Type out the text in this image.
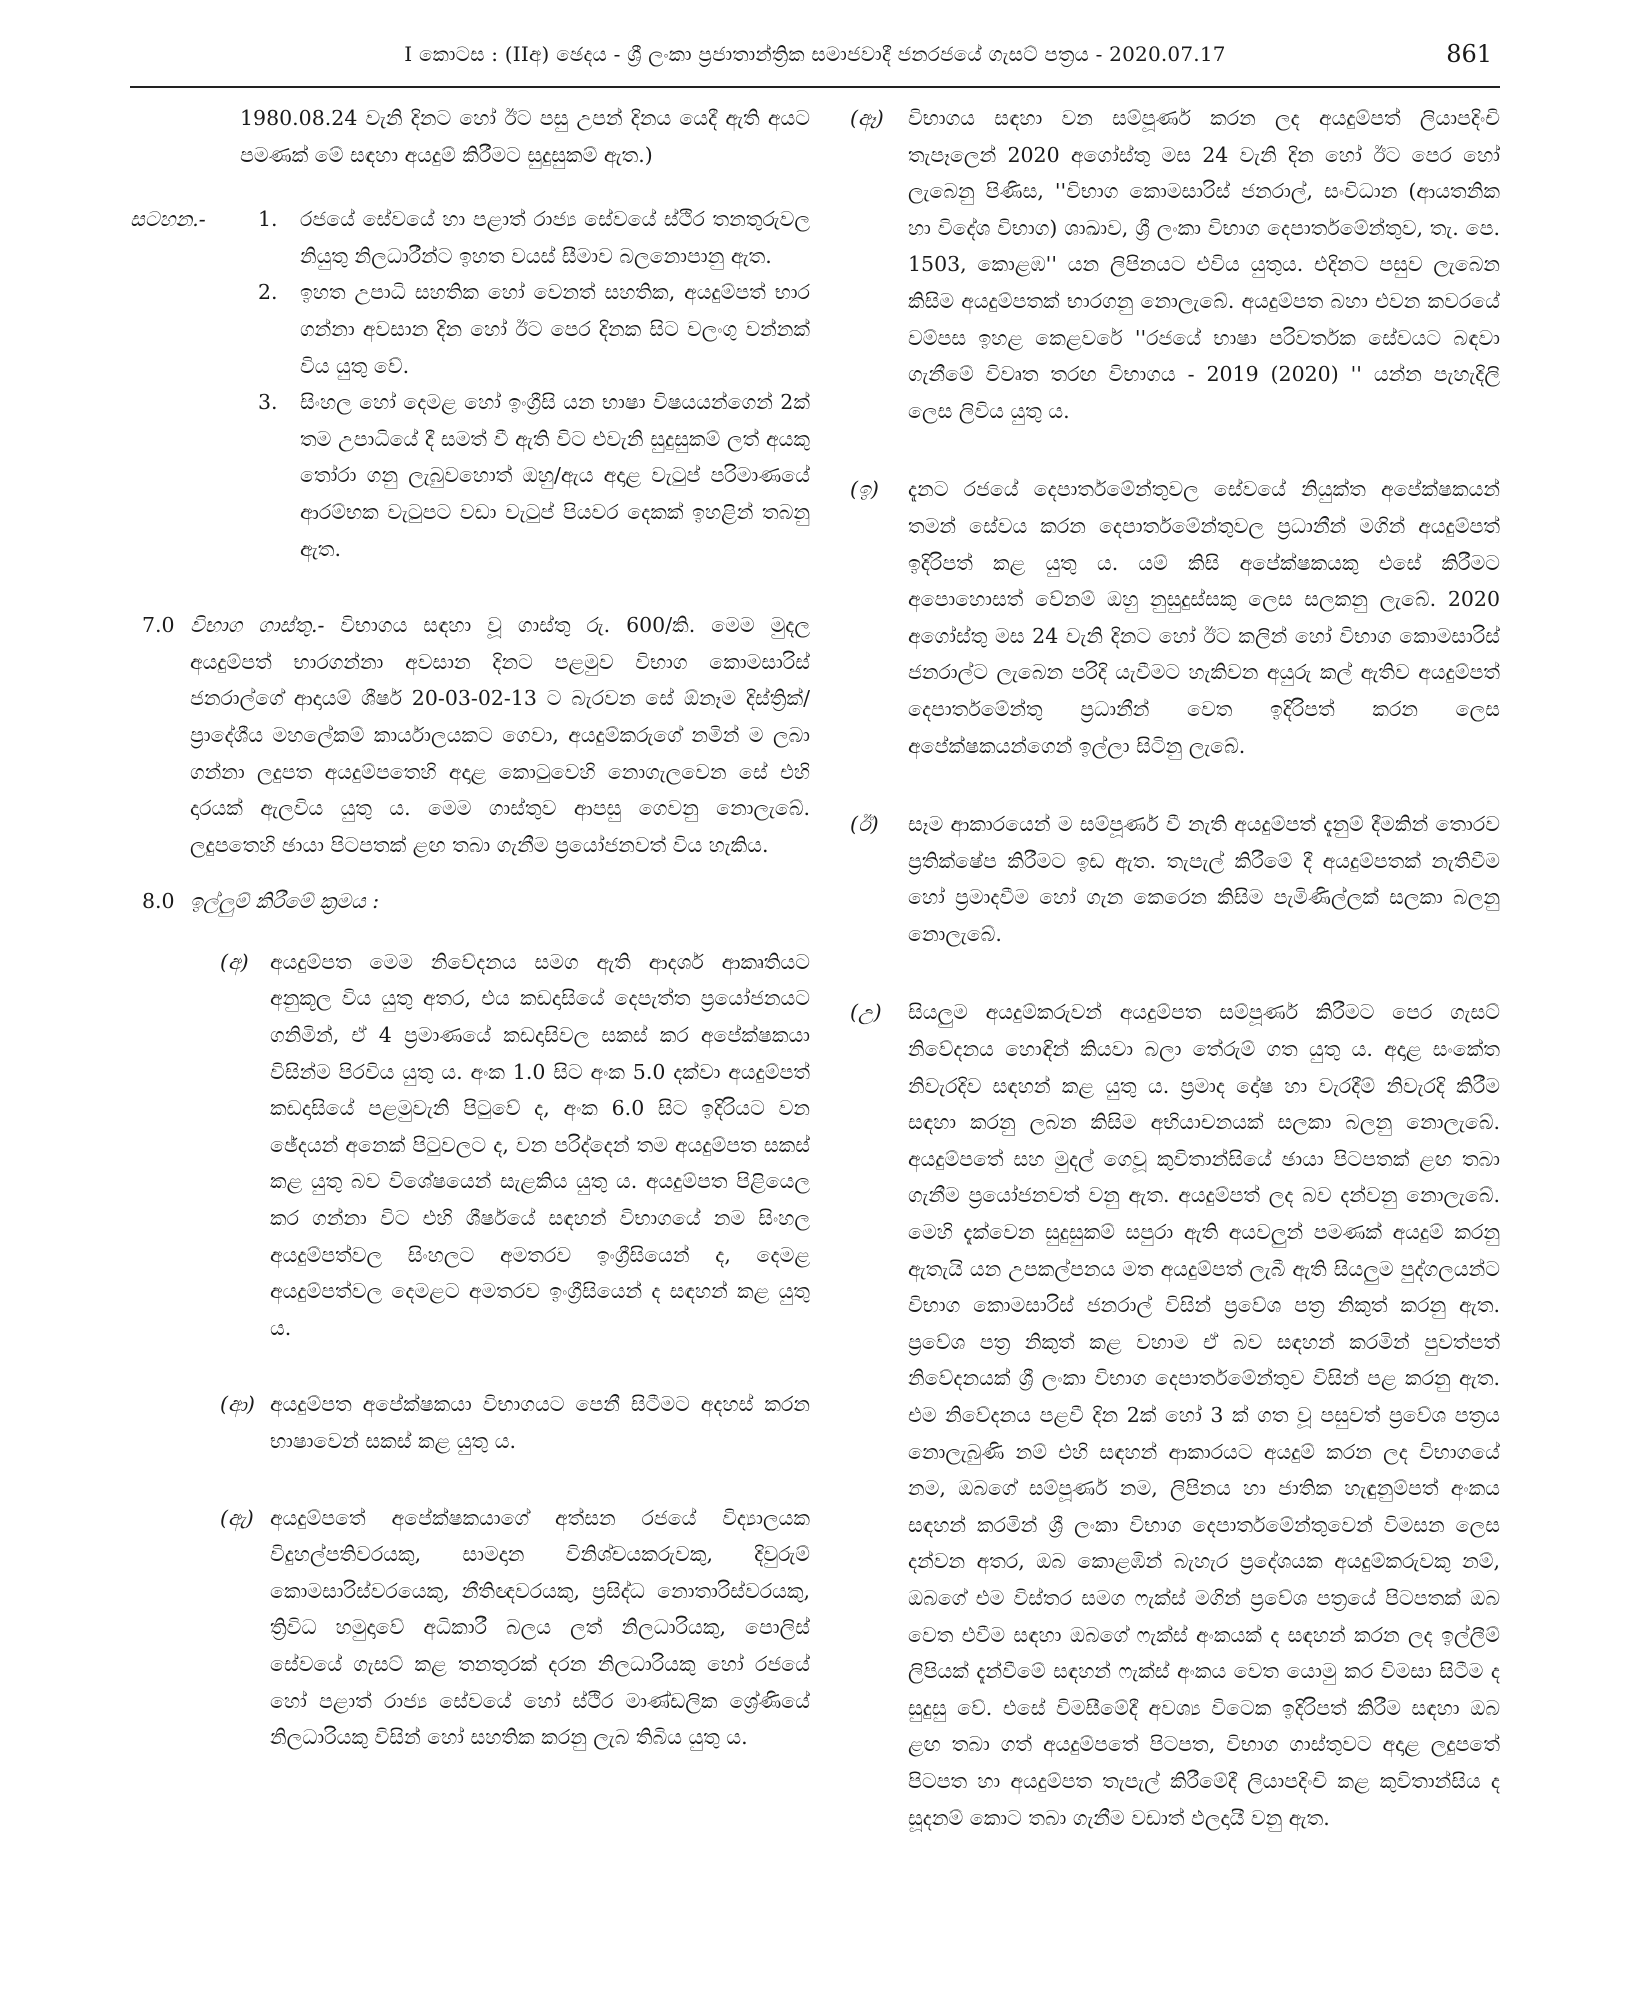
I කොටස : (IIඅ) ඡෙදය - ශ්‍රී ලංකා ප්‍රජාතාන්ත්‍රික සමාජවාදී ජනරජයේ ගැසට් පත්‍රය - 2020.07.17	861
1980.08.24 වැනි දිනට හෝ ඊට පසු උපන් දිනය යෙදී ඇති අයට පමණක් මේ සඳහා අයදුම් කිරීමට සුදුසුකම් ඇත.)
සටහන.-	1. රජයේ සේවයේ හා පළාත් රාජ්‍ය සේවයේ ස්ථිර තනතුරුවල නියුතු නිලධාරීන්ට ඉහත වයස් සීමාව බලනොපානු ඇත.
2. ඉහත උපාධි සහතික හෝ වෙනත් සහතික, අයදුම්පත් භාර ගන්නා අවසාන දින හෝ ඊට පෙර දිනක සිට වලංගු වන්නක් විය යුතු වේ.
3. සිංහල හෝ දෙමළ හෝ ඉංග්‍රීසි යන භාෂා විෂයයන්ගෙන් 2ක් තම උපාධියේ දී සමත් වී ඇති විට එවැනි සුදුසුකම් ලත් අයකු තෝරා ගනු ලැබුවහොත් ඔහු/ඇය අදාළ වැටුප් පරිමාණයේ ආරම්භක වැටුපට වඩා වැටුප් පියවර දෙකක් ඉහළින් තබනු ඇත.
7.0 විභාග ගාස්තු.- විභාගය සඳහා වූ ගාස්තු රු. 600/කි. මෙම මුදල අයදුම්පත් භාරගන්නා අවසාන දිනට පළමුව විභාග කොමසාරිස් ජනරාල්ගේ ආදායම් ශීර්ෂ 20-03-02-13 ට බැරවන සේ ඕනෑම දිස්ත්‍රික්/ප්‍රාදේශීය මහලේකම් කාර්යාලයකට ගෙවා, අයදුම්කරුගේ නමින් ම ලබා ගන්නා ලදුපත අයදුම්පතෙහි අදාළ කොටුවෙහි නොගැලවෙන සේ එහි දාරයක් ඇලවිය යුතු ය. මෙම ගාස්තුව ආපසු ගෙවනු නොලැබේ. ලදුපතෙහි ඡායා පිටපතක් ළඟ තබා ගැනීම ප්‍රයෝජනවත් විය හැකිය.
8.0 ඉල්ලුම් කිරීමේ ක්‍රමය :
(අ) අයදුම්පත මෙම නිවේදනය සමග ඇති ආදර්ශ ආකෘතියට අනුකූල විය යුතු අතර, එය කඩදාසියේ දෙපැත්ත ප්‍රයෝජනයට ගනිමින්, ඒ 4 ප්‍රමාණයේ කඩදාසිවල සකස් කර අපේක්ෂකයා විසින්ම පිරවිය යුතු ය. අංක 1.0 සිට අංක 5.0 දක්වා අයදුම්පත් කඩදාසියේ පළමුවැනි පිටුවේ ද, අංක 6.0 සිට ඉදිරියට වන ඡේදයන් අනෙක් පිටුවලට ද, වන පරිද්දෙන් තම අයදුම්පත සකස් කළ යුතු බව විශේෂයෙන් සැළකිය යුතු ය. අයදුම්පත පිළියෙල කර ගන්නා විට එහි ශීර්ෂයේ සඳහන් විභාගයේ නම සිංහල අයදුම්පත්වල සිංහලට අමතරව ඉංග්‍රීසියෙන් ද, දෙමළ අයදුම්පත්වල දෙමළට අමතරව ඉංග්‍රීසියෙන් ද සඳහන් කළ යුතු ය.
(ආ) අයදුම්පත අපේක්ෂකයා විභාගයට පෙනී සිටීමට අදහස් කරන භාෂාවෙන් සකස් කළ යුතු ය.
(ඇ) අයදුම්පතේ අපේක්ෂකයාගේ අත්සන රජයේ විද්‍යාලයක විදුහල්පතිවරයකු, සාමදාන විනිශ්චයකරුවකු, දිවුරුම් කොමසාරිස්වරයෙකු, නීතිඥවරයකු, ප්‍රසිද්ධ නොතාරිස්වරයකු, ත්‍රිවිධ හමුදාවේ අධිකාරී බලය ලත් නිලධාරියකු, පොලිස් සේවයේ ගැසට් කළ තනතුරක් දරන නිලධාරියකු හෝ රජයේ හෝ පළාත් රාජ්‍ය සේවයේ හෝ ස්ථිර මාණ්ඩලික ශ්‍රේණියේ නිලධාරියකු විසින් හෝ සහතික කරනු ලැබ තිබිය යුතු ය.
(ඈ) විභාගය සඳහා වන සම්පූර්ණ කරන ලද අයදුම්පත් ලියාපදිංචි තැපෑලෙන් 2020 අගෝස්තු මස 24 වැනි දින හෝ ඊට පෙර හෝ ලැබෙනු පිණිස, ''විභාග කොමසාරිස් ජනරාල්, සංවිධාන (ආයතනික හා විදේශ විභාග) ශාඛාව, ශ්‍රී ලංකා විභාග දෙපාර්තමේන්තුව, තැ. පෙ. 1503, කොළඹ'' යන ලිපිනයට එවිය යුතුය. එදිනට පසුව ලැබෙන කිසිම අයදුම්පතක් භාරගනු නොලැබේ. අයදුම්පත බහා එවන කවරයේ වම්පස ඉහළ කෙළවරේ ''රජයේ භාෂා පරිවර්තක සේවයට බඳවා ගැනීමේ විවෘත තරඟ විභාගය - 2019 (2020) '' යන්න පැහැදිලි ලෙස ලිවිය යුතු ය.
(ඉ) දැනට රජයේ දෙපාර්තමේන්තුවල සේවයේ නියුක්ත අපේක්ෂකයන් තමන් සේවය කරන දෙපාර්තමේන්තුවල ප්‍රධානීන් මගින් අයදුම්පත් ඉදිරිපත් කළ යුතු ය. යම් කිසි අපේක්ෂකයකු එසේ කිරීමට අපොහොසත් වේනම් ඔහු නුසුදුස්සකු ලෙස සලකනු ලැබේ. 2020 අගෝස්තු මස 24 වැනි දිනට හෝ ඊට කලින් හෝ විභාග කොමසාරිස් ජනරාල්ට ලැබෙන පරිදි යැවීමට හැකිවන අයුරු කල් ඇතිව අයදුම්පත් දෙපාර්තමේන්තු ප්‍රධානීන් වෙත ඉදිරිපත් කරන ලෙස අපේක්ෂකයන්ගෙන් ඉල්ලා සිටිනු ලැබේ.
(ඊ) සෑම ආකාරයෙන් ම සම්පූර්ණ වී නැති අයදුම්පත් දැනුම් දීමකින් තොරව ප්‍රතික්ෂේප කිරීමට ඉඩ ඇත. තැපැල් කිරීමේ දී අයදුම්පතක් නැතිවීම හෝ ප්‍රමාදවීම හෝ ගැන කෙරෙන කිසිම පැමිණිල්ලක් සලකා බලනු නොලැබේ.
(උ) සියලුම අයදුම්කරුවන් අයදුම්පත සම්පූර්ණ කිරීමට පෙර ගැසට් නිවේදනය හොඳින් කියවා බලා තේරුම් ගත යුතු ය. අදාළ සංකේත නිවැරදිව සඳහන් කළ යුතු ය. ප්‍රමාද දෝෂ හා වැරදීම් නිවැරදි කිරීම සඳහා කරනු ලබන කිසිම අභියාචනයක් සලකා බලනු නොලැබේ. අයදුම්පතේ සහ මුදල් ගෙවූ කුවිතාන්සියේ ඡායා පිටපතක් ළඟ තබා ගැනීම ප්‍රයෝජනවත් වනු ඇත. අයදුම්පත් ලද බව දන්වනු නොලැබේ. මෙහි දැක්වෙන සුදුසුකම් සපුරා ඇති අයවලුන් පමණක් අයදුම් කරනු ඇතැයි යන උපකල්පනය මත අයදුම්පත් ලැබී ඇති සියලුම පුද්ගලයන්ට විභාග කොමසාරිස් ජනරාල් විසින් ප්‍රවේශ පත්‍ර නිකුත් කරනු ඇත. ප්‍රවේශ පත්‍ර නිකුත් කළ වහාම ඒ බව සඳහන් කරමින් පුවත්පත් නිවේදනයක් ශ්‍රී ලංකා විභාග දෙපාර්තමේන්තුව විසින් පළ කරනු ඇත. එම නිවේදනය පළවී දින 2ක් හෝ 3 ක් ගත වූ පසුවත් ප්‍රවේශ පත්‍රය නොලැබුණි නම් එහි සඳහන් ආකාරයට අයදුම් කරන ලද විභාගයේ නම, ඔබගේ සම්පූර්ණ නම, ලිපිනය හා ජාතික හැඳුනුම්පත් අංකය සඳහන් කරමින් ශ්‍රී ලංකා විභාග දෙපාර්තමේන්තුවෙන් විමසන ලෙස දන්වන අතර, ඔබ කොළඹින් බැහැර ප්‍රදේශයක අයදුම්කරුවකු නම්, ඔබගේ එම විස්තර සමග ෆැක්ස් මගින් ප්‍රවේශ පත්‍රයේ පිටපතක් ඔබ වෙත එවීම සඳහා ඔබගේ ෆැක්ස් අංකයක් ද සඳහන් කරන ලද ඉල්ලීම් ලිපියක් දැන්වීමේ සඳහන් ෆැක්ස් අංකය වෙත යොමු කර විමසා සිටීම ද සුදුසු වේ. එසේ විමසීමේදී අවශ්‍ය විටෙක ඉදිරිපත් කිරීම සඳහා ඔබ ළඟ තබා ගත් අයදුම්පතේ පිටපත, විභාග ගාස්තුවට අදාළ ලදුපතේ පිටපත හා අයදුම්පත තැපැල් කිරීමේදී ලියාපදිංචි කළ කුවිතාන්සිය ද සූදනම් කොට තබා ගැනීම වඩාත් ඵලදායී වනු ඇත.
